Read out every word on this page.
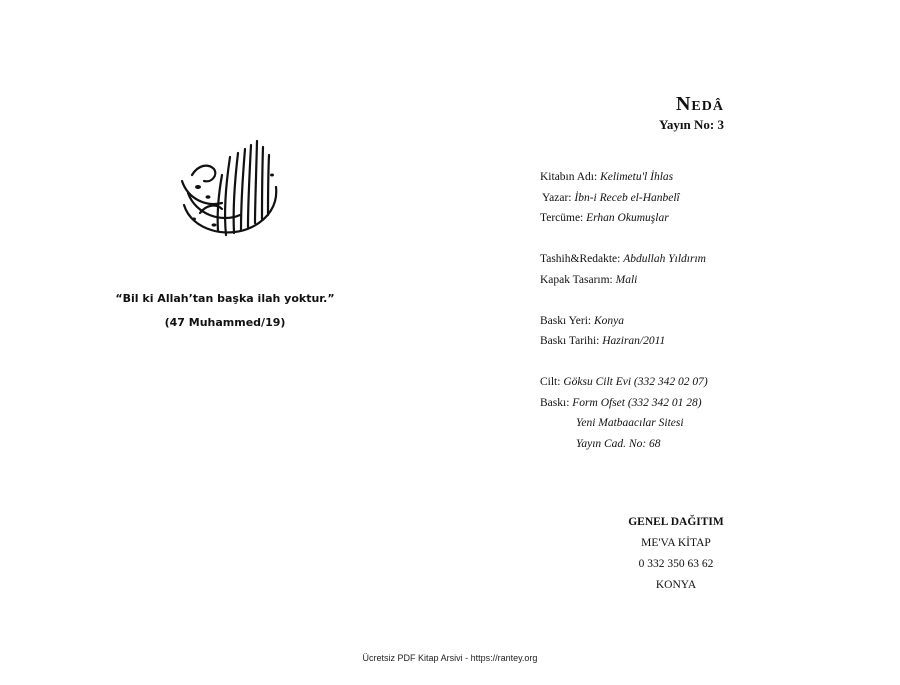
“Bil ki Allah’tan başka ilah yoktur.”
(47 Muhammed/19)
Nedâ
Yayın No: 3
Kitabın Adı: Kelimetu'l İhlas
Yazar: İbn-i Receb el-Hanbelî
Tercüme: Erhan Okumuşlar
Tashih&Redakte: Abdullah Yıldırım
Kapak Tasarım: Mali
Baskı Yeri: Konya
Baskı Tarihi: Haziran/2011
Cilt: Göksu Cilt Evi (332 342 02 07)
Baskı: Form Ofset (332 342 01 28)
Yeni Matbaacılar Sitesi
Yayın Cad. No: 68
GENEL DAĞITIM
ME'VA KİTAP
0 332 350 63 62
KONYA
Ücretsiz PDF Kitap Arsivi - https://rantey.org
